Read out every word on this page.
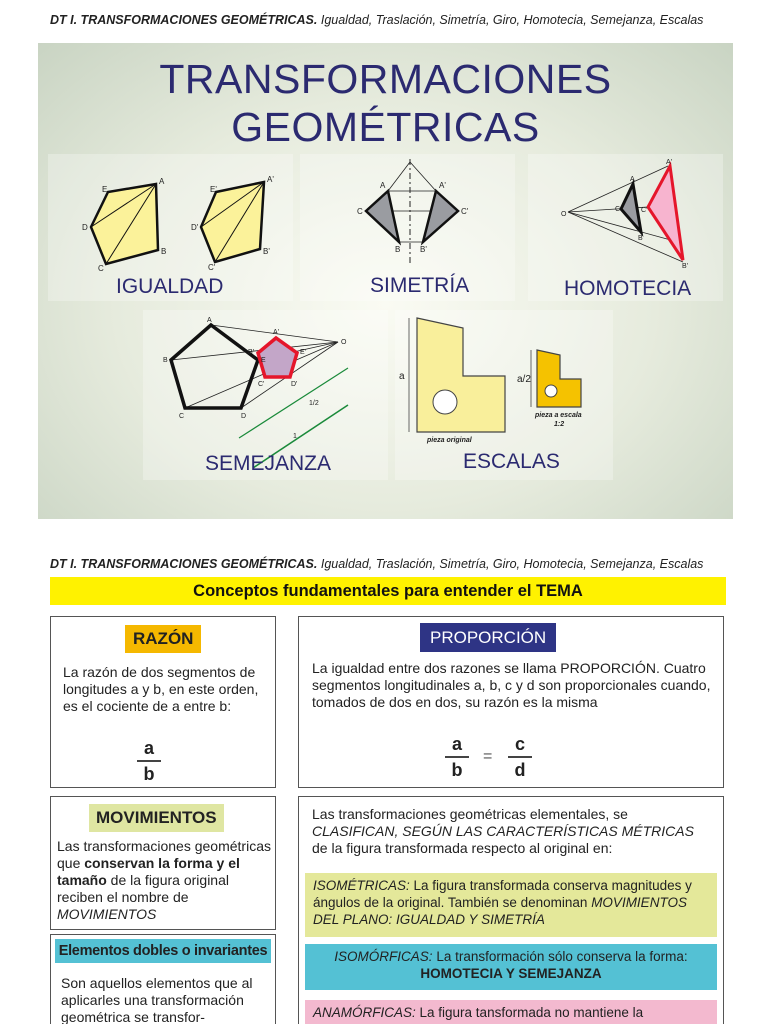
DT I. TRANSFORMACIONES GEOMÉTRICAS. Igualdad, Traslación, Simetría, Giro, Homotecia, Semejanza, Escalas
TRANSFORMACIONES
GEOMÉTRICAS
A
B
C
D
E
A'
B'
C'
D'
E'
IGUALDAD
A
B
C
A'
B'
C'
SIMETRÍA
O
A
B
C
A'
B'
C'
HOMOTECIA
A
B
C	D
E
A'
B'
C'	D'
E'
O
1/2
1
SEMEJANZA
a	a/2
pieza original
pieza a escala
1:2
ESCALAS
DT I. TRANSFORMACIONES GEOMÉTRICAS. Igualdad, Traslación, Simetría, Giro, Homotecia, Semejanza, Escalas
Conceptos fundamentales para entender el TEMA
RAZÓN
La razón de dos segmentos de longitudes a y b, en este orden, es el cociente de a entre b:
a
b
PROPORCIÓN
La igualdad entre dos razones se llama PROPORCIÓN. Cuatro segmentos longitudinales a, b, c y d son proporcionales cuando, tomados de dos en dos, su razón es la misma
a
b
=
c
d
MOVIMIENTOS
Las transformaciones geométricas que conservan la forma y el tamaño de la figura original reciben el nombre de MOVIMIENTOS
Elementos dobles o invariantes
Son aquellos elementos que al aplicarles una transformación geométrica se transfor-
Las transformaciones geométricas elementales, se CLASIFICAN, SEGÚN LAS CARACTERÍSTICAS MÉTRICAS de la figura transformada respecto al original en:
ISOMÉTRICAS: La figura transformada conserva magnitudes y ángulos de la original. También se denominan MOVIMIENTOS DEL PLANO: IGUALDAD Y SIMETRÍA
ISOMÓRFICAS: La transformación sólo conserva la forma:
HOMOTECIA Y SEMEJANZA
ANAMÓRFICAS: La figura tansformada no mantiene la
